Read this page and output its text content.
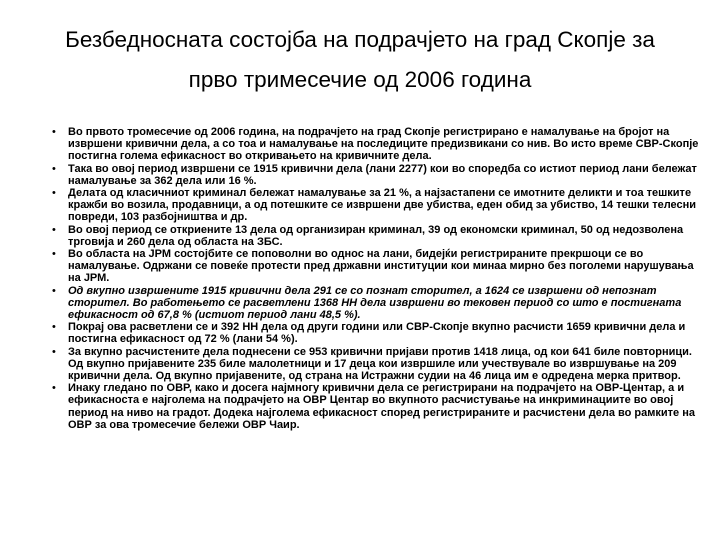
Безбедносната состојба на подрачјето на град Скопје за
прво тримесечие од 2006 година
• Во првото тромесечие од 2006 година, на подрачјето на град Скопје регистрирано е намалување на бројот на извршени кривични дела, а со тоа и намалување на последиците предизвикани со нив. Во исто време СВР-Скопје постигна голема ефикасност во откривањето на кривичните дела.
• Така во овој период извршени се 1915 кривични дела (лани 2277) кои во споредба со истиот период лани бележат намалување за 362 дела или 16 %.
• Делата од класичниот криминал бележат намалување за 21 %, а најзастапени се имотните деликти и тоа тешките кражби во возила, продавници, а од потешките се извршени две убиства, еден обид за убиство, 14 тешки телесни повреди, 103 разбојништва и др.
• Во овој период се откриените 13 дела од организиран криминал, 39 од економски криминал, 50 од недозволена трговија и 260 дела од областа на ЗБС.
• Во областа на ЈРМ состојбите се поповолни во однос на лани, бидејќи регистрираните прекршоци се во намалување. Одржани се повеќе протести пред државни институции кои минаа мирно без поголеми нарушувања на ЈРМ.
• Од вкупно извршените 1915 кривични дела 291 се со познат сторител, а 1624 се извршени од непознат сторител. Во работењето се расветлени 1368 НН дела извршени во тековен период со што е постигната ефикасност од 67,8 % (истиот период лани 48,5 %).
• Покрај ова расветлени се и 392 НН дела од други години или СВР-Скопје вкупно расчисти 1659 кривични дела и постигна ефикасност од 72 % (лани 54 %).
• За вкупно расчистените дела поднесени се 953 кривични пријави против 1418 лица, од кои 641 биле повторници. Од вкупно пријавените 235 биле малолетници и 17 деца кои извршиле или учествувале во извршување на 209 кривични дела. Од вкупно пријавените, од страна на Истражни судии на 46 лица им е одредена мерка притвор.
• Инаку гледано по ОВР, како и досега најмногу кривични дела се регистрирани на подрачјето на ОВР-Центар, а и ефикасноста е најголема на подрачјето на ОВР Центар во вкупното расчистување на инкриминациите во овој период на ниво на градот. Додека најголема ефикасност според регистрираните и расчистени дела во рамките на ОВР за ова тромесечие бележи ОВР Чаир.
